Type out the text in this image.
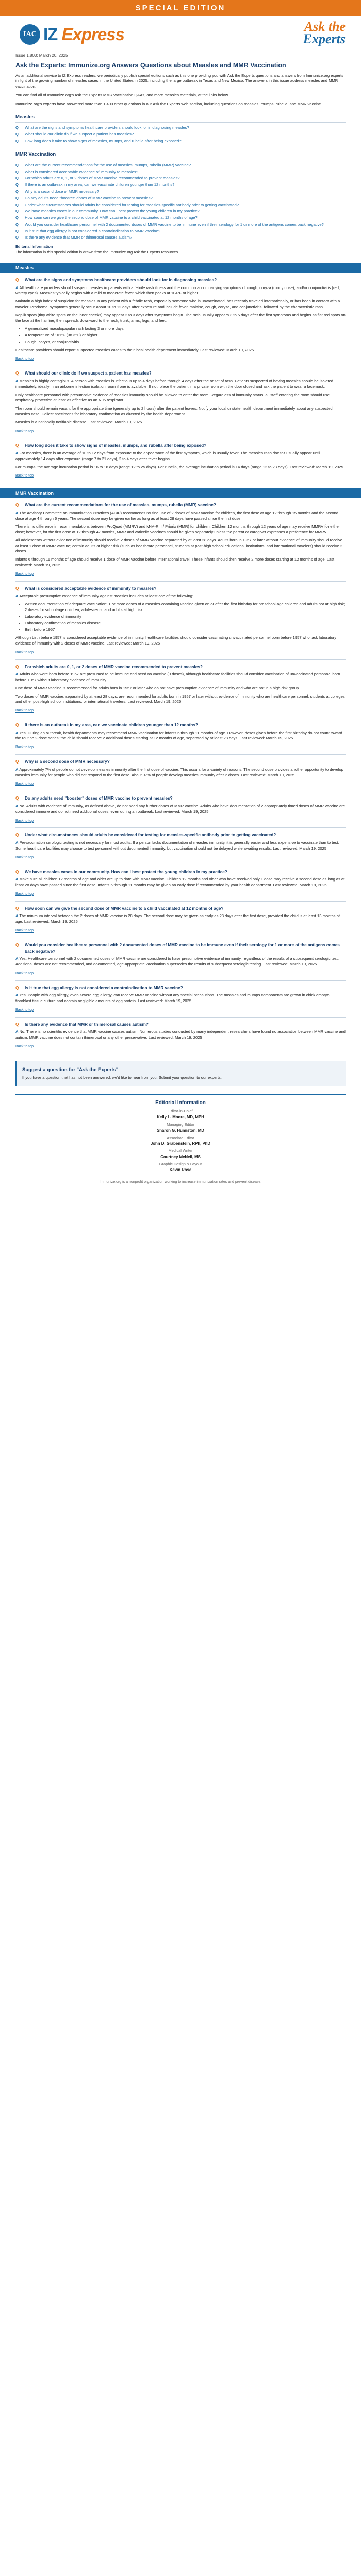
SPECIAL EDITION
IAC IZ Express	Ask the
Experts
Issue 1,803: March 20, 2025
Ask the Experts: Immunize.org Answers Questions about Measles and MMR Vaccination

As an additional service to IZ Express readers, we periodically publish special editions such as this one providing you with Ask the Experts questions and answers from Immunize.org experts in light of the growing number of measles cases in the United States in 2025, including the large outbreak in Texas and New Mexico. The answers in this issue address measles and MMR vaccination.

You can find all of Immunize.org's Ask the Experts MMR vaccination Q&As, and more measles materials, at the links below.

Immunize.org's experts have answered more than 1,400 other questions in our Ask the Experts web section, including questions on measles, mumps, rubella, and MMR vaccine.

Measles
Q	What are the signs and symptoms healthcare providers should look for in diagnosing measles?
Q	What should our clinic do if we suspect a patient has measles?
Q	How long does it take to show signs of measles, mumps, and rubella after being exposed?
MMR Vaccination
Q	What are the current recommendations for the use of measles, mumps, rubella (MMR) vaccine?
Q	What is considered acceptable evidence of immunity to measles?
Q	For which adults are 0, 1, or 2 doses of MMR vaccine recommended to prevent measles?
Q	If there is an outbreak in my area, can we vaccinate children younger than 12 months?
Q	Why is a second dose of MMR necessary?
Q	Do any adults need "booster" doses of MMR vaccine to prevent measles?
Q	Under what circumstances should adults be considered for testing for measles-specific antibody prior to getting vaccinated?
Q	We have measles cases in our community. How can I best protect the young children in my practice?
Q	How soon can we give the second dose of MMR vaccine to a child vaccinated at 12 months of age?
Q	Would you consider healthcare personnel with 2 documented doses of MMR vaccine to be immune even if their serology for 1 or more of the antigens comes back negative?
Q	Is it true that egg allergy is not considered a contraindication to MMR vaccine?
Q	Is there any evidence that MMR or thimerosal causes autism?
Editorial Information
The information in this special edition is drawn from the Immunize.org Ask the Experts resources.
Measles
Q	What are the signs and symptoms healthcare providers should look for in diagnosing measles?

A All healthcare providers should suspect measles in patients with a febrile rash illness and the common accompanying symptoms of cough, coryza (runny nose), and/or conjunctivitis (red, watery eyes). Measles typically begins with a mild to moderate fever, which then peaks at 104°F or higher.

Maintain a high index of suspicion for measles in any patient with a febrile rash, especially someone who is unvaccinated, has recently traveled internationally, or has been in contact with a traveler. Prodromal symptoms generally occur about 10 to 12 days after exposure and include fever, malaise, cough, coryza, and conjunctivitis, followed by the characteristic rash.

Koplik spots (tiny white spots on the inner cheeks) may appear 2 to 3 days after symptoms begin. The rash usually appears 3 to 5 days after the first symptoms and begins as flat red spots on the face at the hairline, then spreads downward to the neck, trunk, arms, legs, and feet.

• A generalized maculopapular rash lasting 3 or more days
• A temperature of 101°F (38.3°C) or higher
• Cough, coryza, or conjunctivitis

Healthcare providers should report suspected measles cases to their local health department immediately. Last reviewed: March 19, 2025

Back to top
Q	What should our clinic do if we suspect a patient has measles?

A Measles is highly contagious. A person with measles is infectious up to 4 days before through 4 days after the onset of rash. Patients suspected of having measles should be isolated immediately, ideally in an airborne infection isolation room if one is available. If not, place the patient in a private room with the door closed and ask the patient to wear a facemask.

Only healthcare personnel with presumptive evidence of measles immunity should be allowed to enter the room. Regardless of immunity status, all staff entering the room should use respiratory protection at least as effective as an N95 respirator.

The room should remain vacant for the appropriate time (generally up to 2 hours) after the patient leaves. Notify your local or state health department immediately about any suspected measles case. Collect specimens for laboratory confirmation as directed by the health department.

Measles is a nationally notifiable disease. Last reviewed: March 19, 2025

Back to top
Q	How long does it take to show signs of measles, mumps, and rubella after being exposed?

A For measles, there is an average of 10 to 12 days from exposure to the appearance of the first symptom, which is usually fever. The measles rash doesn't usually appear until approximately 14 days after exposure (range 7 to 21 days), 2 to 4 days after fever begins.

For mumps, the average incubation period is 16 to 18 days (range 12 to 25 days). For rubella, the average incubation period is 14 days (range 12 to 23 days). Last reviewed: March 19, 2025

Back to top
MMR Vaccination
Q	What are the current recommendations for the use of measles, mumps, rubella (MMR) vaccine?

A The Advisory Committee on Immunization Practices (ACIP) recommends routine use of 2 doses of MMR vaccine for children, the first dose at age 12 through 15 months and the second dose at age 4 through 6 years. The second dose may be given earlier as long as at least 28 days have passed since the first dose.

There is no difference in recommendations between ProQuad (MMRV) and M-M-R II / Priorix (MMR) for children. Children 12 months through 12 years of age may receive MMRV for either dose; however, for the first dose at 12 through 47 months, MMR and varicella vaccines should be given separately unless the parent or caregiver expresses a preference for MMRV.

All adolescents without evidence of immunity should receive 2 doses of MMR vaccine separated by at least 28 days. Adults born in 1957 or later without evidence of immunity should receive at least 1 dose of MMR vaccine; certain adults at higher risk (such as healthcare personnel, students at post-high school educational institutions, and international travelers) should receive 2 doses.

Infants 6 through 11 months of age should receive 1 dose of MMR vaccine before international travel. These infants should then receive 2 more doses starting at 12 months of age. Last reviewed: March 19, 2025

Back to top
Q	What is considered acceptable evidence of immunity to measles?

A Acceptable presumptive evidence of immunity against measles includes at least one of the following:

• Written documentation of adequate vaccination: 1 or more doses of a measles-containing vaccine given on or after the first birthday for preschool-age children and adults not at high risk; 2 doses for school-age children, adolescents, and adults at high risk
• Laboratory evidence of immunity
• Laboratory confirmation of measles disease
• Birth before 1957

Although birth before 1957 is considered acceptable evidence of immunity, healthcare facilities should consider vaccinating unvaccinated personnel born before 1957 who lack laboratory evidence of immunity with 2 doses of MMR vaccine. Last reviewed: March 19, 2025

Back to top
Q	For which adults are 0, 1, or 2 doses of MMR vaccine recommended to prevent measles?

A Adults who were born before 1957 are presumed to be immune and need no vaccine (0 doses), although healthcare facilities should consider vaccination of unvaccinated personnel born before 1957 without laboratory evidence of immunity.

One dose of MMR vaccine is recommended for adults born in 1957 or later who do not have presumptive evidence of immunity and who are not in a high-risk group.

Two doses of MMR vaccine, separated by at least 28 days, are recommended for adults born in 1957 or later without evidence of immunity who are healthcare personnel, students at colleges and other post-high school institutions, or international travelers. Last reviewed: March 19, 2025

Back to top
Q	If there is an outbreak in my area, can we vaccinate children younger than 12 months?

A Yes. During an outbreak, health departments may recommend MMR vaccination for infants 6 through 11 months of age. However, doses given before the first birthday do not count toward the routine 2-dose series; the child should receive 2 additional doses starting at 12 months of age, separated by at least 28 days. Last reviewed: March 19, 2025

Back to top
Q	Why is a second dose of MMR necessary?

A Approximately 7% of people do not develop measles immunity after the first dose of vaccine. This occurs for a variety of reasons. The second dose provides another opportunity to develop measles immunity for people who did not respond to the first dose. About 97% of people develop measles immunity after 2 doses. Last reviewed: March 19, 2025

Back to top
Q	Do any adults need "booster" doses of MMR vaccine to prevent measles?

A No. Adults with evidence of immunity, as defined above, do not need any further doses of MMR vaccine. Adults who have documentation of 2 appropriately timed doses of MMR vaccine are considered immune and do not need additional doses, even during an outbreak. Last reviewed: March 19, 2025

Back to top
Q	Under what circumstances should adults be considered for testing for measles-specific antibody prior to getting vaccinated?

A Prevaccination serologic testing is not necessary for most adults. If a person lacks documentation of measles immunity, it is generally easier and less expensive to vaccinate than to test. Some healthcare facilities may choose to test personnel without documented immunity, but vaccination should not be delayed while awaiting results. Last reviewed: March 19, 2025

Back to top
Q	We have measles cases in our community. How can I best protect the young children in my practice?

A Make sure all children 12 months of age and older are up to date with MMR vaccine. Children 12 months and older who have received only 1 dose may receive a second dose as long as at least 28 days have passed since the first dose. Infants 6 through 11 months may be given an early dose if recommended by your health department. Last reviewed: March 19, 2025

Back to top
Q	How soon can we give the second dose of MMR vaccine to a child vaccinated at 12 months of age?

A The minimum interval between the 2 doses of MMR vaccine is 28 days. The second dose may be given as early as 28 days after the first dose, provided the child is at least 13 months of age. Last reviewed: March 19, 2025

Back to top
Q	Would you consider healthcare personnel with 2 documented doses of MMR vaccine to be immune even if their serology for 1 or more of the antigens comes back negative?

A Yes. Healthcare personnel with 2 documented doses of MMR vaccine are considered to have presumptive evidence of immunity, regardless of the results of a subsequent serologic test. Additional doses are not recommended, and documented, age-appropriate vaccination supersedes the results of subsequent serologic testing. Last reviewed: March 19, 2025

Back to top
Q	Is it true that egg allergy is not considered a contraindication to MMR vaccine?

A Yes. People with egg allergy, even severe egg allergy, can receive MMR vaccine without any special precautions. The measles and mumps components are grown in chick embryo fibroblast tissue culture and contain negligible amounts of egg protein. Last reviewed: March 19, 2025

Back to top
Q	Is there any evidence that MMR or thimerosal causes autism?

A No. There is no scientific evidence that MMR vaccine causes autism. Numerous studies conducted by many independent researchers have found no association between MMR vaccine and autism. MMR vaccine does not contain thimerosal or any other preservative. Last reviewed: March 19, 2025

Back to top
Suggest a question for "Ask the Experts"

If you have a question that has not been answered, we'd like to hear from you. Submit your question to our experts.

Editorial Information
Editor-in-Chief
Kelly L. Moore, MD, MPH
Managing Editor
Sharon G. Humiston, MD
Associate Editor
John D. Grabenstein, RPh, PhD
Medical Writer
Courtney McNeil, MS
Graphic Design & Layout
Kevin Rose
Immunize.org is a nonprofit organization working to increase immunization rates and prevent disease.
